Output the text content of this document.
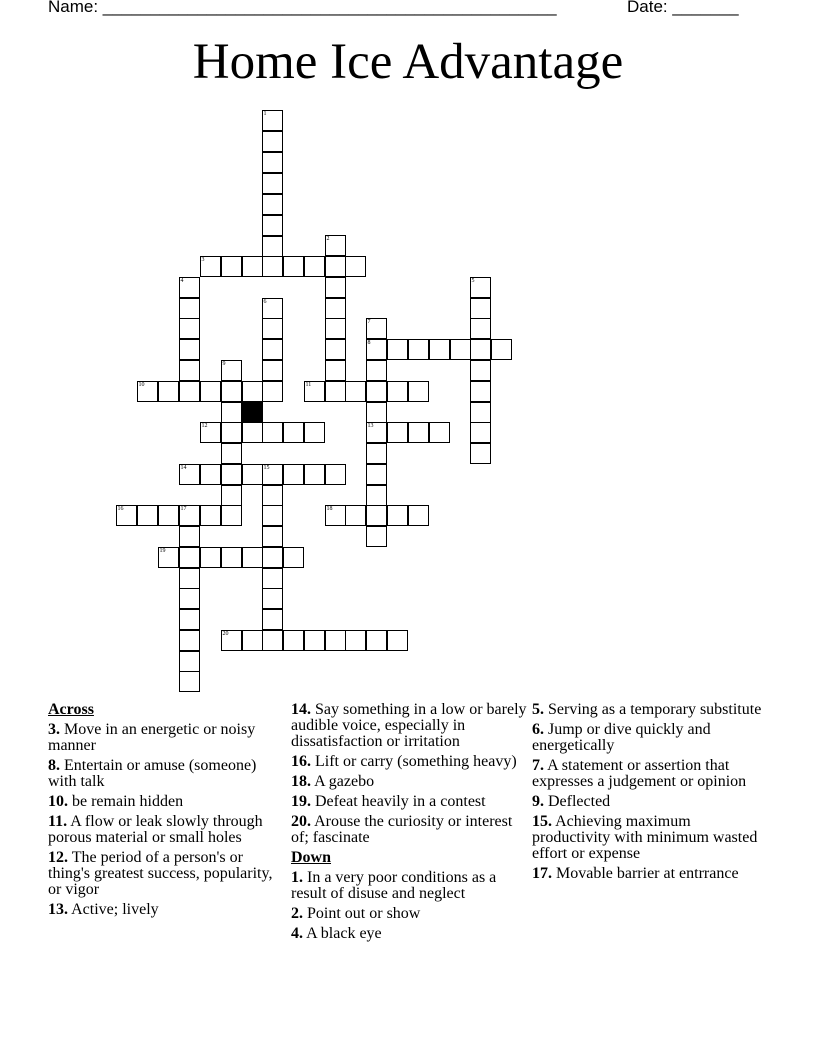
Name: ________________________________________________	Date: _______
Home Ice Advantage
1
3
2
4
6
5
7
8
9
10	11
12	13
14	15
16	17	18
19
20
Across
3. Move in an energetic or noisy manner
8. Entertain or amuse (someone) with talk
10. be remain hidden
11. A flow or leak slowly through porous material or small holes
12. The period of a person's or thing's greatest success, popularity, or vigor
13. Active; lively
14. Say something in a low or barely audible voice, especially in dissatisfaction or irritation
16. Lift or carry (something heavy)
18. A gazebo
19. Defeat heavily in a contest
20. Arouse the curiosity or interest of; fascinate
Down
1. In a very poor conditions as a result of disuse and neglect
2. Point out or show
4. A black eye
5. Serving as a temporary substitute
6. Jump or dive quickly and energetically
7. A statement or assertion that expresses a judgement or opinion
9. Deflected
15. Achieving maximum productivity with minimum wasted effort or expense
17. Movable barrier at entrrance
